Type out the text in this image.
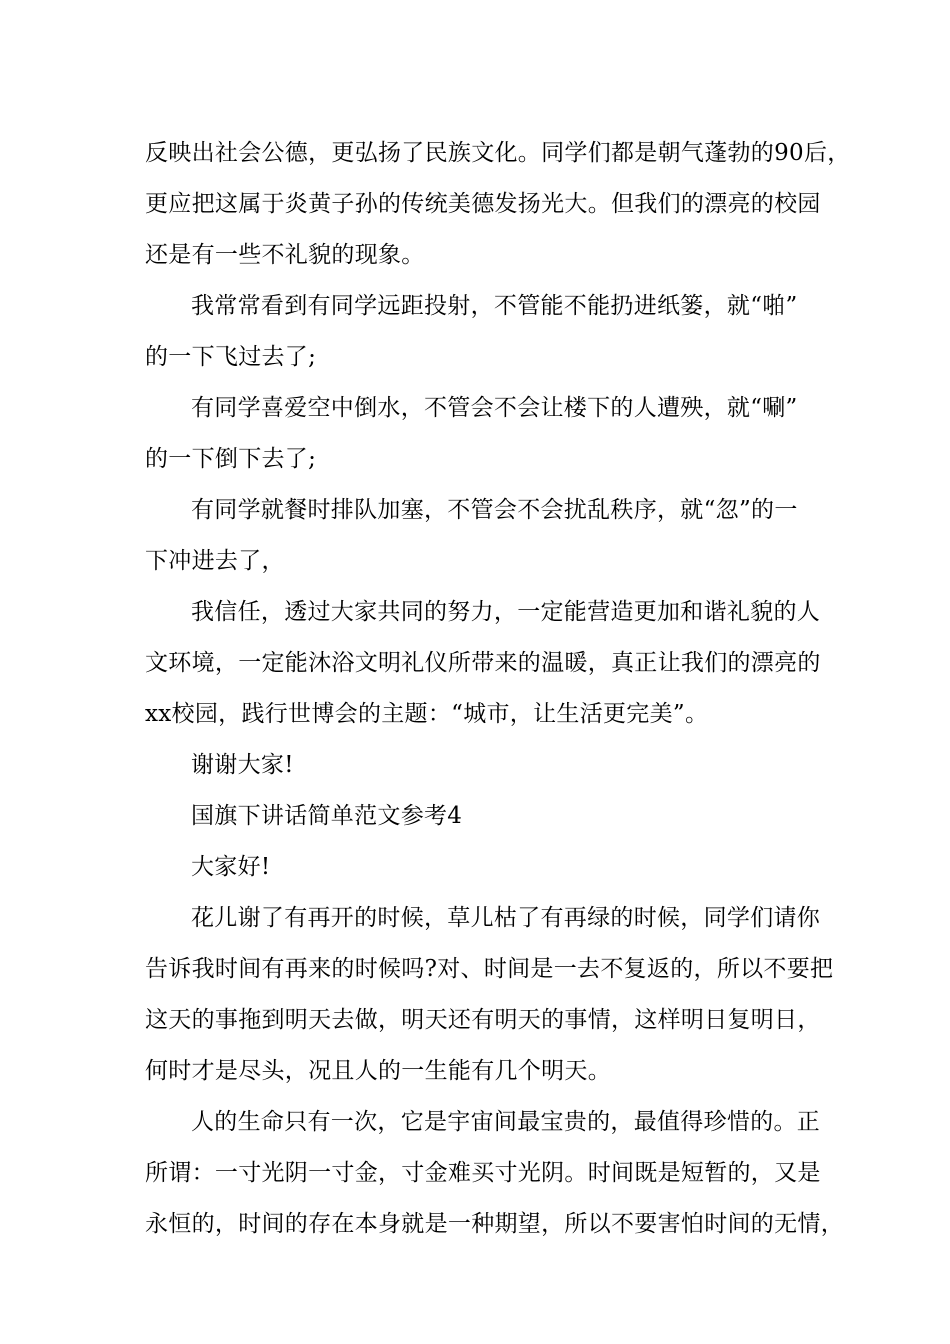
反映出社会公德，更弘扬了民族文化。同学们都是朝气蓬勃的90后，
更应把这属于炎黄子孙的传统美德发扬光大。但我们的漂亮的校园
还是有一些不礼貌的现象。
我常常看到有同学远距投射，不管能不能扔进纸篓，就“啪”
的一下飞过去了;
有同学喜爱空中倒水，不管会不会让楼下的人遭殃，就“唰”
的一下倒下去了;
有同学就餐时排队加塞，不管会不会扰乱秩序，就“忽”的一
下冲进去了，
我信任，透过大家共同的努力，一定能营造更加和谐礼貌的人
文环境，一定能沐浴文明礼仪所带来的温暖，真正让我们的漂亮的
xx校园，践行世博会的主题：“城市，让生活更完美”。
谢谢大家!
国旗下讲话简单范文参考4
大家好!
花儿谢了有再开的时候，草儿枯了有再绿的时候，同学们请你
告诉我时间有再来的时候吗?对、时间是一去不复返的，所以不要把
这天的事拖到明天去做，明天还有明天的事情，这样明日复明日，
何时才是尽头，况且人的一生能有几个明天。
人的生命只有一次，它是宇宙间最宝贵的，最值得珍惜的。正
所谓：一寸光阴一寸金，寸金难买寸光阴。时间既是短暂的，又是
永恒的，时间的存在本身就是一种期望，所以不要害怕时间的无情，
